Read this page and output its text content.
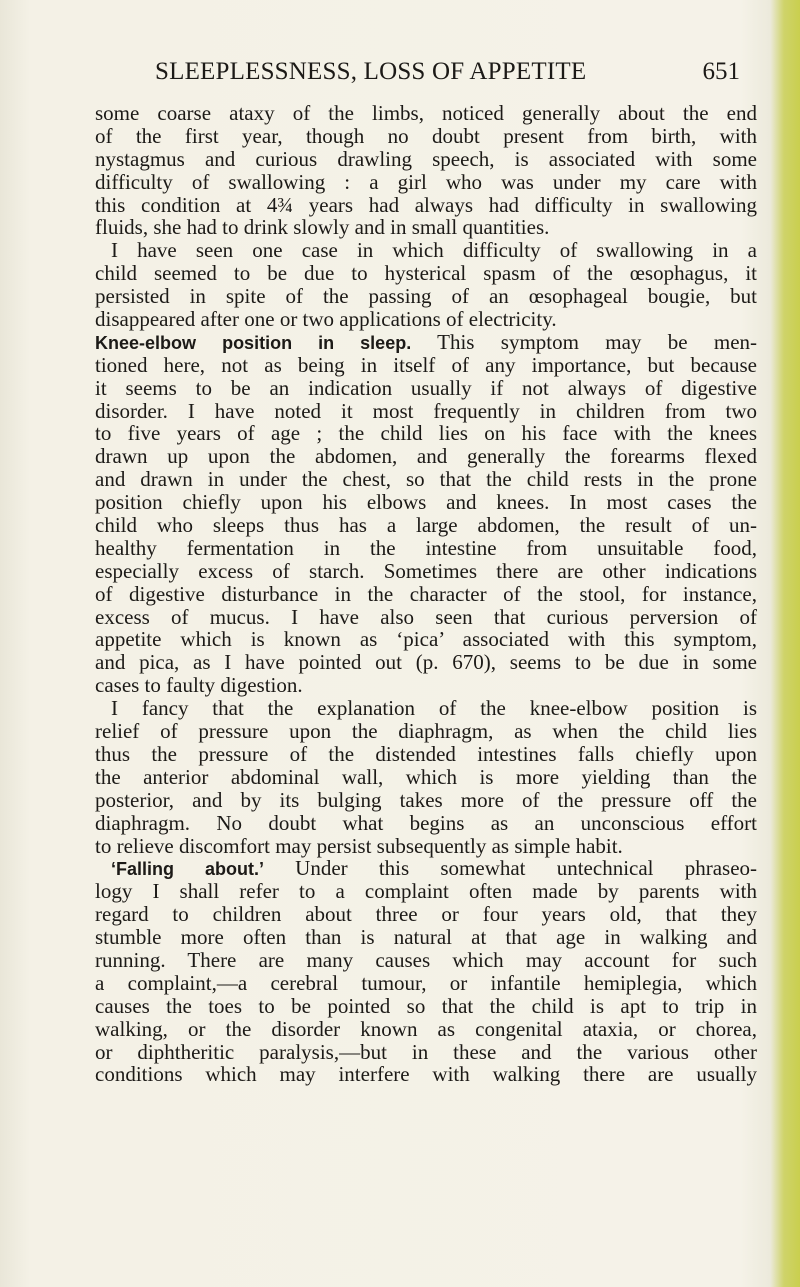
SLEEPLESSNESS, LOSS OF APPETITE	651
some coarse ataxy of the limbs, noticed generally about the end
of the first year, though no doubt present from birth, with
nystagmus and curious drawling speech, is associated with some
difficulty of swallowing : a girl who was under my care with
this condition at 4¾ years had always had difficulty in swallowing
fluids, she had to drink slowly and in small quantities.
I have seen one case in which difficulty of swallowing in a
child seemed to be due to hysterical spasm of the œsophagus, it
persisted in spite of the passing of an œsophageal bougie, but
disappeared after one or two applications of electricity.
Knee-elbow position in sleep. This symptom may be men-
tioned here, not as being in itself of any importance, but because
it seems to be an indication usually if not always of digestive
disorder. I have noted it most frequently in children from two
to five years of age ; the child lies on his face with the knees
drawn up upon the abdomen, and generally the forearms flexed
and drawn in under the chest, so that the child rests in the prone
position chiefly upon his elbows and knees. In most cases the
child who sleeps thus has a large abdomen, the result of un-
healthy fermentation in the intestine from unsuitable food,
especially excess of starch. Sometimes there are other indications
of digestive disturbance in the character of the stool, for instance,
excess of mucus. I have also seen that curious perversion of
appetite which is known as ‘pica’ associated with this symptom,
and pica, as I have pointed out (p. 670), seems to be due in some
cases to faulty digestion.
I fancy that the explanation of the knee-elbow position is
relief of pressure upon the diaphragm, as when the child lies
thus the pressure of the distended intestines falls chiefly upon
the anterior abdominal wall, which is more yielding than the
posterior, and by its bulging takes more of the pressure off the
diaphragm. No doubt what begins as an unconscious effort
to relieve discomfort may persist subsequently as simple habit.
‘Falling about.’ Under this somewhat untechnical phraseo-
logy I shall refer to a complaint often made by parents with
regard to children about three or four years old, that they
stumble more often than is natural at that age in walking and
running. There are many causes which may account for such
a complaint,—a cerebral tumour, or infantile hemiplegia, which
causes the toes to be pointed so that the child is apt to trip in
walking, or the disorder known as congenital ataxia, or chorea,
or diphtheritic paralysis,—but in these and the various other
conditions which may interfere with walking there are usually
